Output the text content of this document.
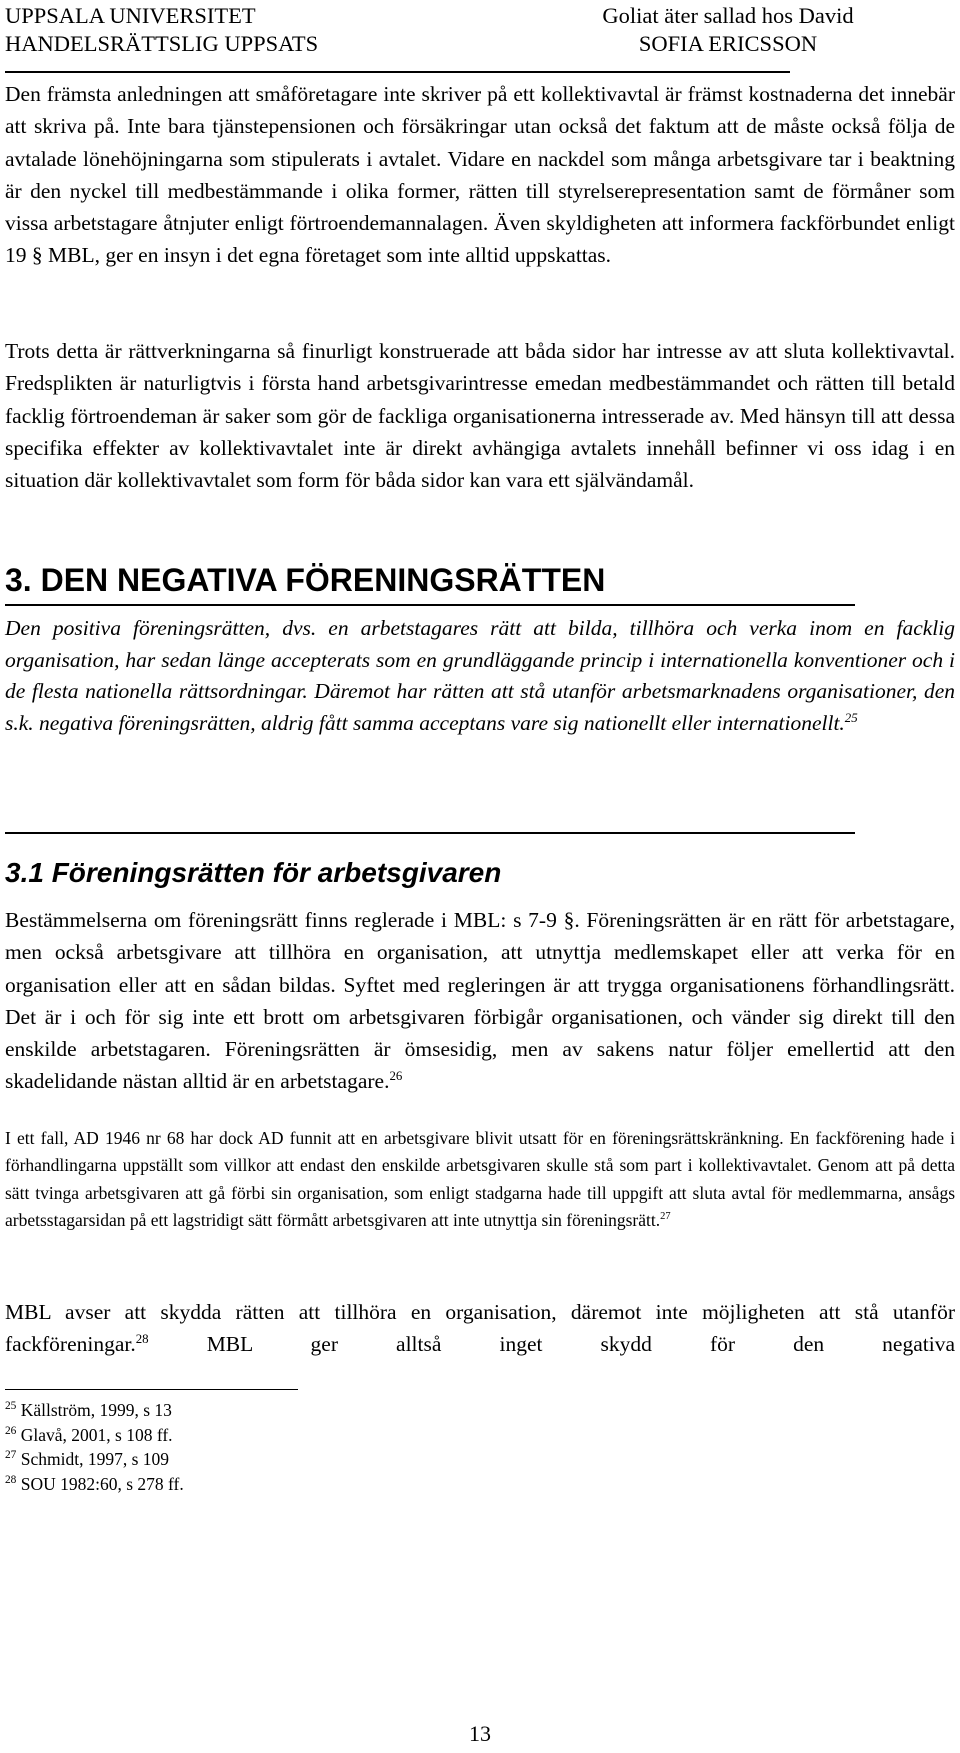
UPPSALA UNIVERSITET	Goliat äter sallad hos David
HANDELSRÄTTSLIG UPPSATS	SOFIA ERICSSON

Den främsta anledningen att småföretagare inte skriver på ett kollektivavtal är främst kostnaderna det innebär att skriva på. Inte bara tjänstepensionen och försäkringar utan också det faktum att de måste också följa de avtalade lönehöjningarna som stipulerats i avtalet. Vidare en nackdel som många arbetsgivare tar i beaktning är den nyckel till medbestämmande i olika former, rätten till styrelserepresentation samt de förmåner som vissa arbetstagare åtnjuter enligt förtroendemannalagen. Även skyldigheten att informera fackförbundet enligt 19 § MBL, ger en insyn i det egna företaget som inte alltid uppskattas.

Trots detta är rättverkningarna så finurligt konstruerade att båda sidor har intresse av att sluta kollektivavtal. Fredsplikten är naturligtvis i första hand arbetsgivarintresse emedan medbestämmandet och rätten till betald facklig förtroendeman är saker som gör de fackliga organisationerna intresserade av. Med hänsyn till att dessa specifika effekter av kollektivavtalet inte är direkt avhängiga avtalets innehåll befinner vi oss idag i en situation där kollektivavtalet som form för båda sidor kan vara ett självändamål.

3. DEN NEGATIVA FÖRENINGSRÄTTEN

Den positiva föreningsrätten, dvs. en arbetstagares rätt att bilda, tillhöra och verka inom en facklig organisation, har sedan länge accepterats som en grundläggande princip i internationella konventioner och i de flesta nationella rättsordningar. Däremot har rätten att stå utanför arbetsmarknadens organisationer, den s.k. negativa föreningsrätten, aldrig fått samma acceptans vare sig nationellt eller internationellt.$^{25}$

3.1 Föreningsrätten för arbetsgivaren

Bestämmelserna om föreningsrätt finns reglerade i MBL: s 7-9 §. Föreningsrätten är en rätt för arbetstagare, men också arbetsgivare att tillhöra en organisation, att utnyttja medlemskapet eller att verka för en organisation eller att en sådan bildas. Syftet med regleringen är att trygga organisationens förhandlingsrätt. Det är i och för sig inte ett brott om arbetsgivaren förbigår organisationen, och vänder sig direkt till den enskilde arbetstagaren. Föreningsrätten är ömsesidig, men av sakens natur följer emellertid att den skadelidande nästan alltid är en arbetstagare.$^{26}$

I ett fall, AD 1946 nr 68 har dock AD funnit att en arbetsgivare blivit utsatt för en föreningsrättskränkning. En fackförening hade i förhandlingarna uppställt som villkor att endast den enskilde arbetsgivaren skulle stå som part i kollektivavtalet. Genom att på detta sätt tvinga arbetsgivaren att gå förbi sin organisation, som enligt stadgarna hade till uppgift att sluta avtal för medlemmarna, ansågs arbetsstagarsidan på ett lagstridigt sätt förmått arbetsgivaren att inte utnyttja sin föreningsrätt.$^{27}$

MBL avser att skydda rätten att tillhöra en organisation, däremot inte möjligheten att stå utanför fackföreningar.$^{28}$	MBL ger alltså inget skydd för den negativa

$^{25}$ Källström, 1999, s 13
$^{26}$ Glavå, 2001, s 108 ff.
$^{27}$ Schmidt, 1997, s 109
$^{28}$ SOU 1982:60, s 278 ff.
13
